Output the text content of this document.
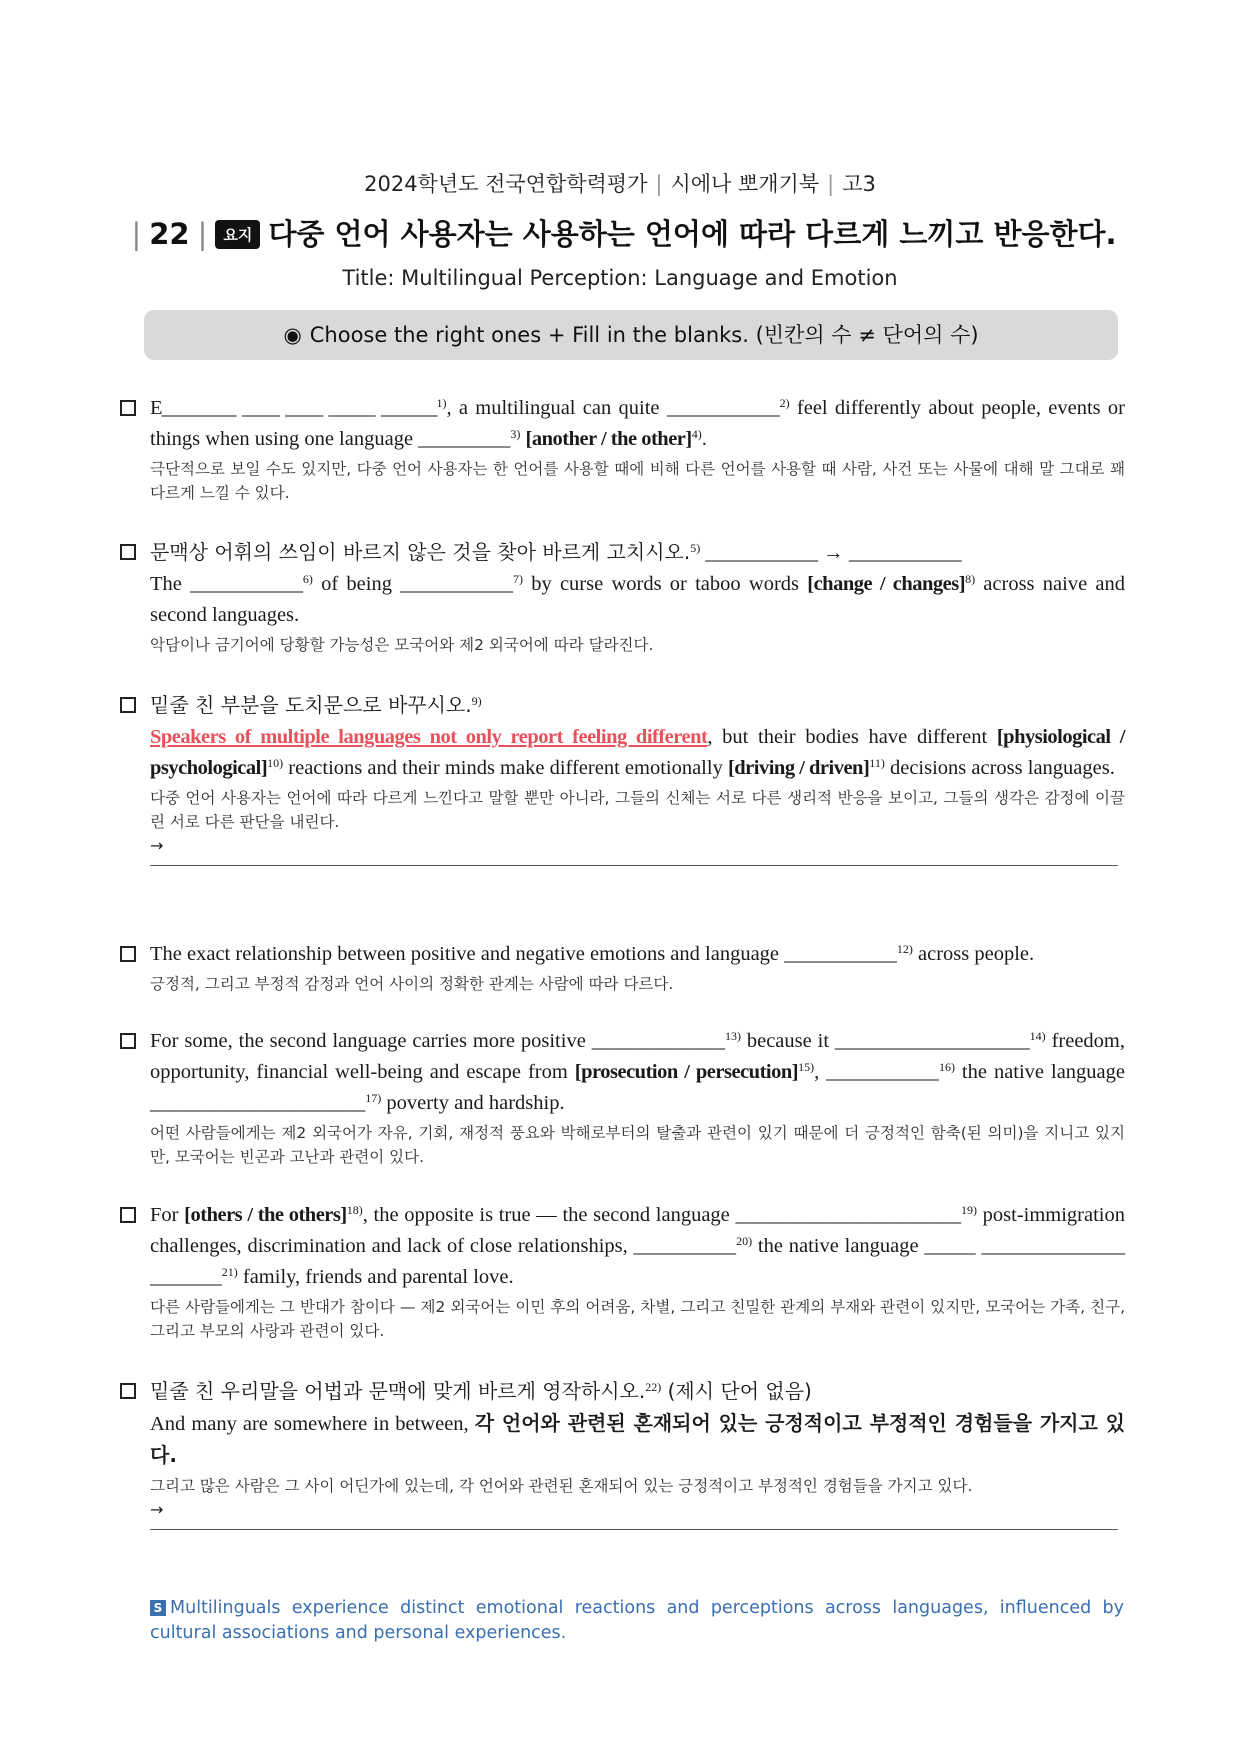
2024학년도 전국연합학력평가 | 시에나 뽀개기북 | 고3
| 22 | 요지 다중 언어 사용자는 사용하는 언어에 따라 다르게 느끼고 반응한다.
Title: Multilingual Perception: Language and Emotion
◉ Choose the right ones + Fill in the blanks. (빈칸의 수 ≠ 단어의 수)
E________ ____ ____ _____ ______$^{1)}$, a multilingual can quite ___________$^{2)}$ feel differently about people, events or things when using one language _________$^{3)}$ [another / the other]$^{4)}$.
극단적으로 보일 수도 있지만, 다중 언어 사용자는 한 언어를 사용할 때에 비해 다른 언어를 사용할 때 사람, 사건 또는 사물에 대해 말 그대로 꽤 다르게 느낄 수 있다.
문맥상 어휘의 쓰임이 바르지 않은 것을 찾아 바르게 고치시오.$^{5)}$ ___________ → ___________
The ___________$^{6)}$ of being ___________$^{7)}$ by curse words or taboo words [change / changes]$^{8)}$ across naive and second languages.
악담이나 금기어에 당황할 가능성은 모국어와 제2 외국어에 따라 달라진다.
밑줄 친 부분을 도치문으로 바꾸시오.$^{9)}$
Speakers of multiple languages not only report feeling different, but their bodies have different [physiological / psychological]$^{10)}$ reactions and their minds make different emotionally [driving / driven]$^{11)}$ decisions across languages.
다중 언어 사용자는 언어에 따라 다르게 느낀다고 말할 뿐만 아니라, 그들의 신체는 서로 다른 생리적 반응을 보이고, 그들의 생각은 감정에 이끌린 서로 다른 판단을 내린다.
→
The exact relationship between positive and negative emotions and language ___________$^{12)}$ across people.
긍정적, 그리고 부정적 감정과 언어 사이의 정확한 관계는 사람에 따라 다르다.
For some, the second language carries more positive _____________$^{13)}$ because it ___________________$^{14)}$ freedom, opportunity, financial well-being and escape from [prosecution / persecution]$^{15)}$, ___________$^{16)}$ the native language _____________________$^{17)}$ poverty and hardship.
어떤 사람들에게는 제2 외국어가 자유, 기회, 재정적 풍요와 박해로부터의 탈출과 관련이 있기 때문에 더 긍정적인 함축(된 의미)을 지니고 있지만, 모국어는 빈곤과 고난과 관련이 있다.
For [others / the others]$^{18)}$, the opposite is true — the second language ______________________$^{19)}$ post-immigration challenges, discrimination and lack of close relationships, __________$^{20)}$ the native language _____ ______________ _______$^{21)}$ family, friends and parental love.
다른 사람들에게는 그 반대가 참이다 — 제2 외국어는 이민 후의 어려움, 차별, 그리고 친밀한 관계의 부재와 관련이 있지만, 모국어는 가족, 친구, 그리고 부모의 사랑과 관련이 있다.
밑줄 친 우리말을 어법과 문맥에 맞게 바르게 영작하시오.$^{22)}$ (제시 단어 없음)
And many are somewhere in between, 각 언어와 관련된 혼재되어 있는 긍정적이고 부정적인 경험들을 가지고 있다.
그리고 많은 사람은 그 사이 어딘가에 있는데, 각 언어와 관련된 혼재되어 있는 긍정적이고 부정적인 경험들을 가지고 있다.
→
S Multilinguals experience distinct emotional reactions and perceptions across languages, influenced by cultural associations and personal experiences.
